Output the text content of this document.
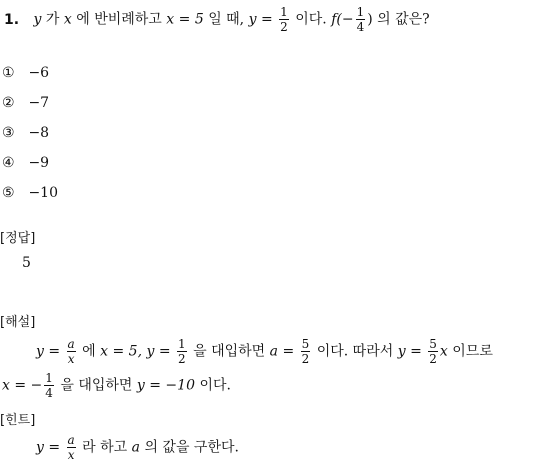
1. y 가 x 에 반비례하고 x = 5 일 때, $y = \frac{1}{2}$ 이다. $f(- \frac{1}{4}$ ) 의 값은?
① −6
② −7
③ −8
④ −9
⑤ −10
[정답]
5
[해설]
$y = \frac{a}{x}$ 에 x = 5, $y = \frac{1}{2}$ 을 대입하면 $a = \frac{5}{2}$ 이다. 따라서 $y = \frac{5}{2}$ x 이므로
x = − $\frac{1}{4}$ 을 대입하면 y = −10 이다.
[힌트]
$y = \frac{a}{x}$ 라 하고 a 의 값을 구한다.
